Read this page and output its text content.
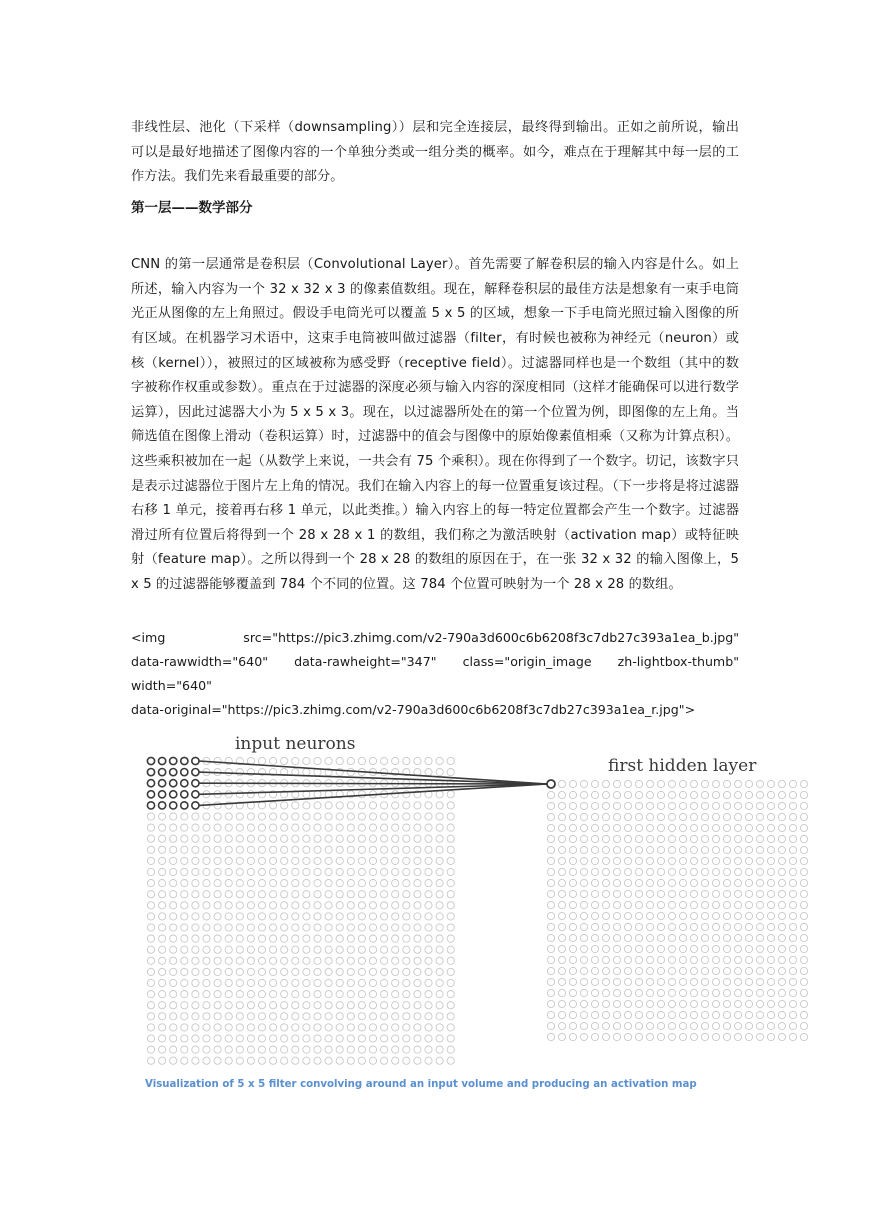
非线性层、池化（下采样（downsampling））层和完全连接层，最终得到输出。正如之前所说，输出可以是最好地描述了图像内容的一个单独分类或一组分类的概率。如今，难点在于理解其中每一层的工作方法。我们先来看最重要的部分。

第一层——数学部分

CNN 的第一层通常是卷积层（Convolutional Layer）。首先需要了解卷积层的输入内容是什么。如上所述，输入内容为一个 32 x 32 x 3 的像素值数组。现在，解释卷积层的最佳方法是想象有一束手电筒光正从图像的左上角照过。假设手电筒光可以覆盖 5 x 5 的区域，想象一下手电筒光照过输入图像的所有区域。在机器学习术语中，这束手电筒被叫做过滤器（filter，有时候也被称为神经元（neuron）或核（kernel）），被照过的区域被称为感受野（receptive field）。过滤器同样也是一个数组（其中的数字被称作权重或参数）。重点在于过滤器的深度必须与输入内容的深度相同（这样才能确保可以进行数学运算），因此过滤器大小为 5 x 5 x 3。现在，以过滤器所处在的第一个位置为例，即图像的左上角。当筛选值在图像上滑动（卷积运算）时，过滤器中的值会与图像中的原始像素值相乘（又称为计算点积）。这些乘积被加在一起（从数学上来说，一共会有 75 个乘积）。现在你得到了一个数字。切记，该数字只是表示过滤器位于图片左上角的情况。我们在输入内容上的每一位置重复该过程。（下一步将是将过滤器右移 1 单元，接着再右移 1 单元，以此类推。）输入内容上的每一特定位置都会产生一个数字。过滤器滑过所有位置后将得到一个 28 x 28 x 1 的数组，我们称之为激活映射（activation map）或特征映射（feature map）。之所以得到一个 28 x 28 的数组的原因在于，在一张 32 x 32 的输入图像上，5 x 5 的过滤器能够覆盖到 784 个不同的位置。这 784 个位置可映射为一个 28 x 28 的数组。

<img	src="https://pic3.zhimg.com/v2-790a3d600c6b6208f3c7db27c393a1ea_b.jpg"
data-rawwidth="640" data-rawheight="347" class="origin_image zh-lightbox-thumb"
width="640"
data-original="https://pic3.zhimg.com/v2-790a3d600c6b6208f3c7db27c393a1ea_r.jpg">
input neurons
first hidden layer
Visualization of 5 x 5 filter convolving around an input volume and producing an activation map
